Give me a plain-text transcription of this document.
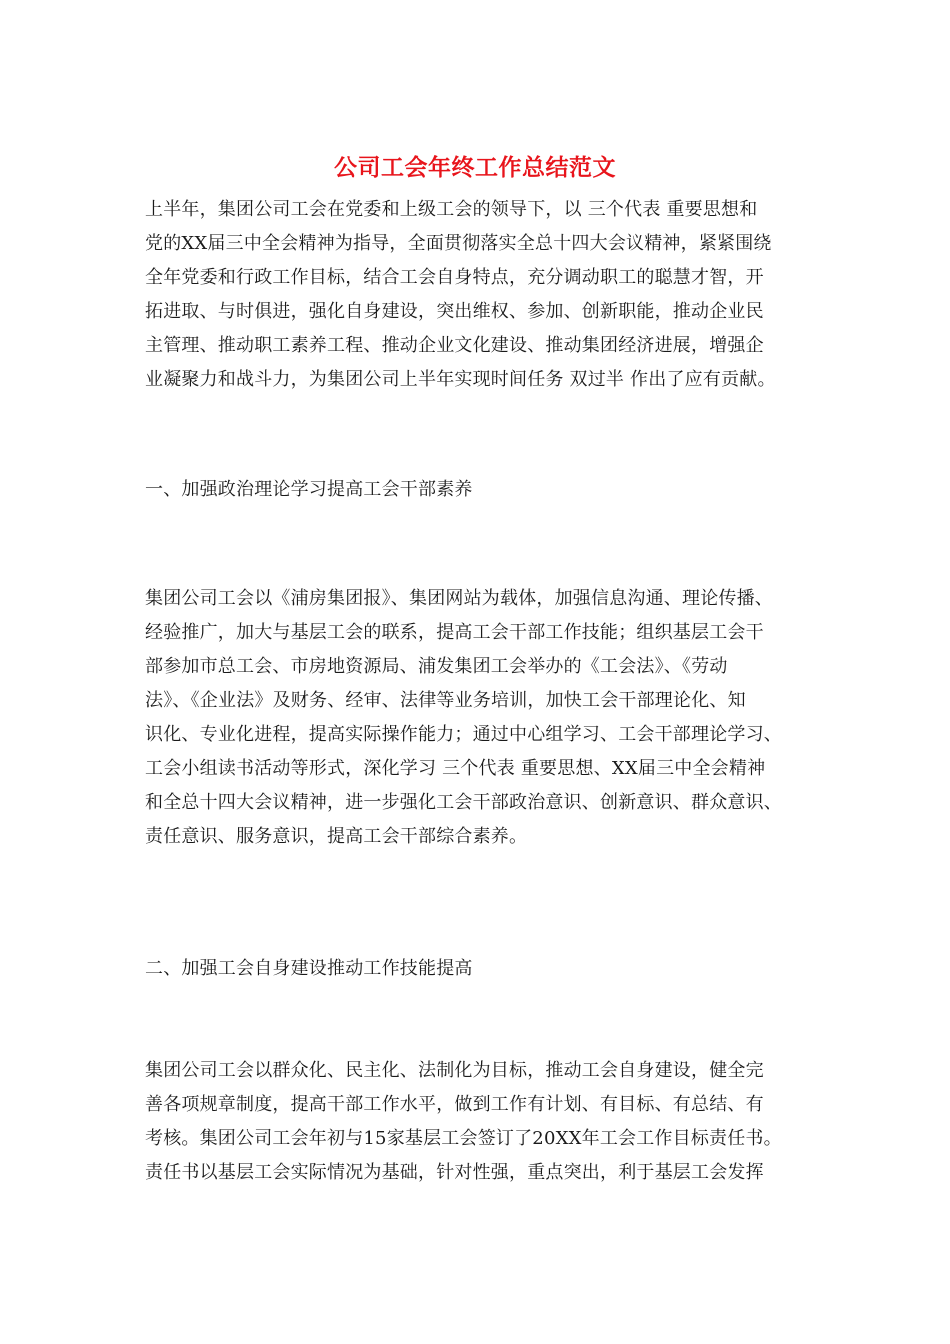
公司工会年终工作总结范文
上半年，集团公司工会在党委和上级工会的领导下，以 三个代表 重要思想和
党的XX届三中全会精神为指导，全面贯彻落实全总十四大会议精神，紧紧围绕
全年党委和行政工作目标，结合工会自身特点，充分调动职工的聪慧才智，开
拓进取、与时俱进，强化自身建设，突出维权、参加、创新职能，推动企业民
主管理、推动职工素养工程、推动企业文化建设、推动集团经济进展，增强企
业凝聚力和战斗力，为集团公司上半年实现时间任务 双过半 作出了应有贡献。
一、加强政治理论学习提高工会干部素养
集团公司工会以《浦房集团报》、集团网站为载体，加强信息沟通、理论传播、
经验推广，加大与基层工会的联系，提高工会干部工作技能；组织基层工会干
部参加市总工会、市房地资源局、浦发集团工会举办的《工会法》、《劳动
法》、《企业法》及财务、经审、法律等业务培训，加快工会干部理论化、知
识化、专业化进程，提高实际操作能力；通过中心组学习、工会干部理论学习、
工会小组读书活动等形式，深化学习 三个代表 重要思想、XX届三中全会精神
和全总十四大会议精神，进一步强化工会干部政治意识、创新意识、群众意识、
责任意识、服务意识，提高工会干部综合素养。
二、加强工会自身建设推动工作技能提高
集团公司工会以群众化、民主化、法制化为目标，推动工会自身建设，健全完
善各项规章制度，提高干部工作水平，做到工作有计划、有目标、有总结、有
考核。集团公司工会年初与15家基层工会签订了20XX年工会工作目标责任书。
责任书以基层工会实际情况为基础，针对性强，重点突出，利于基层工会发挥
